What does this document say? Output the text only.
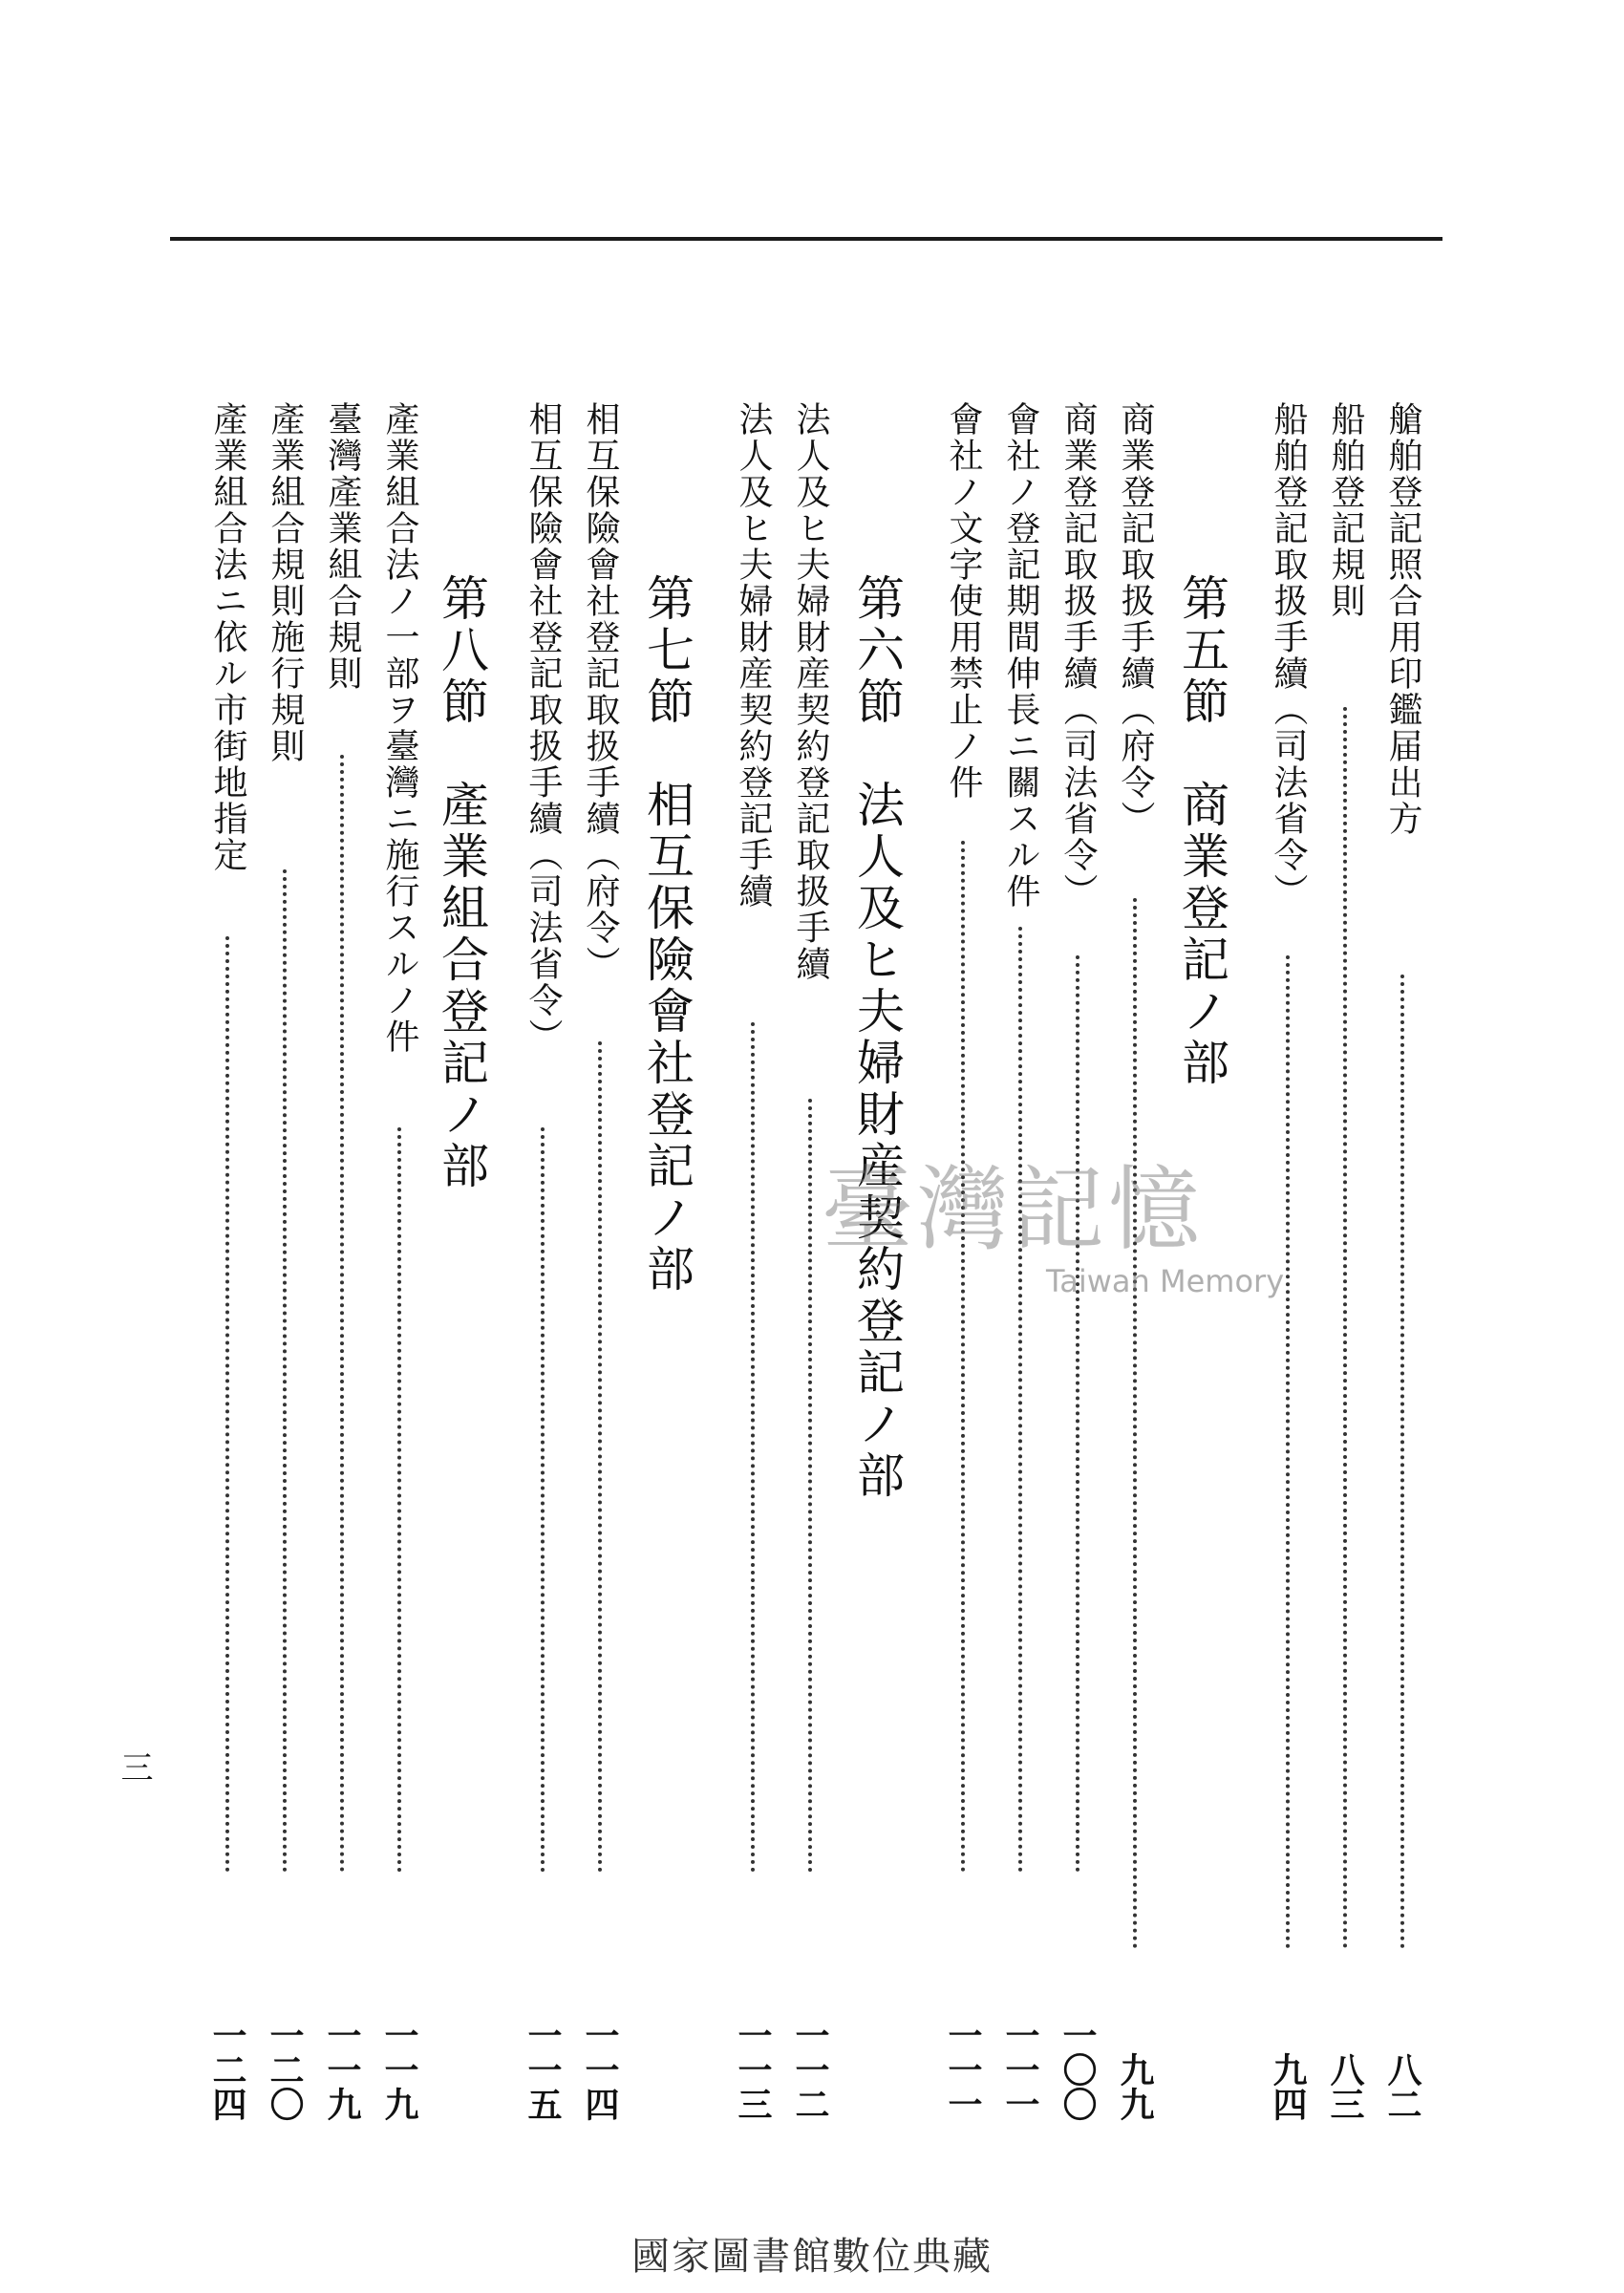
艙舶登記照合用印鑑届出方
八二
船舶登記規則
八三
船舶登記取扱手續（司法省令）
九四
第五節　商業登記ノ部
商業登記取扱手續（府令）
九九
商業登記取扱手續（司法省令）
一〇〇
會社ノ登記期間伸長ニ關スル件
一一一
會社ノ文字使用禁止ノ件
一一一
第六節　法人及ヒ夫婦財産契約登記ノ部
法人及ヒ夫婦財産契約登記取扱手續
一一二
法人及ヒ夫婦財産契約登記手續
一一三
第七節　相互保險會社登記ノ部
相互保險會社登記取扱手續（府令）
一一四
相互保險會社登記取扱手續（司法省令）
一一五
第八節　產業組合登記ノ部
產業組合法ノ一部ヲ臺灣ニ施行スルノ件
一一九
臺灣產業組合規則
一一九
產業組合規則施行規則
一二〇
產業組合法ニ依ル市街地指定
一二四
三
臺灣記憶
Taiwan Memory
國家圖書館數位典藏
